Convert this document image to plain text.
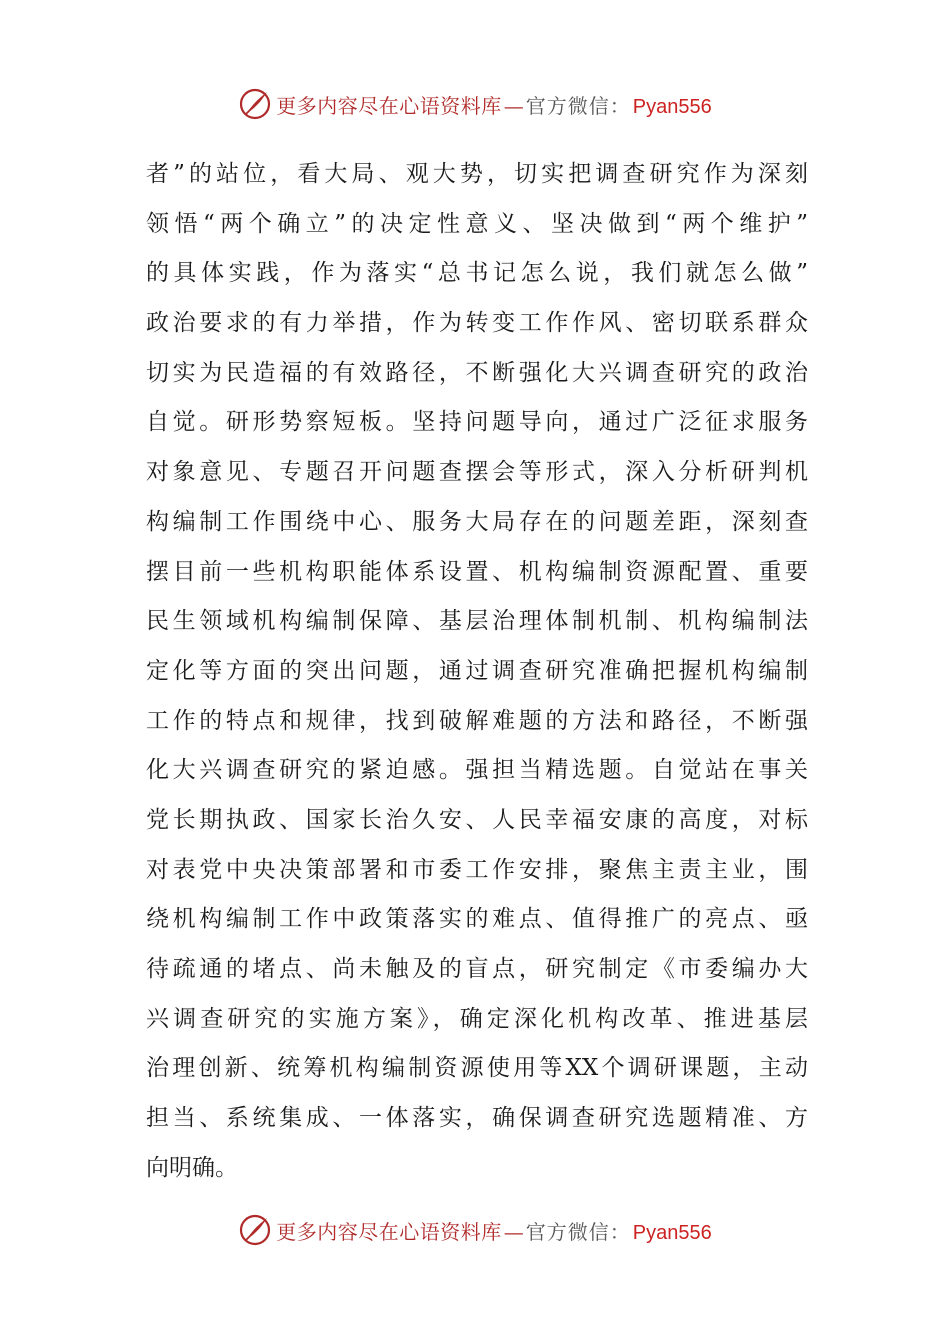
更多内容尽在心语资料库 — 官方微信： Pyan556
者”的站位，看大局、观大势，切实把调查研究作为深刻
领悟“两个确立”的决定性意义、坚决做到“两个维护”
的具体实践，作为落实“总书记怎么说，我们就怎么做”
政治要求的有力举措，作为转变工作作风、密切联系群众
切实为民造福的有效路径，不断强化大兴调查研究的政治
自觉。研形势察短板。坚持问题导向，通过广泛征求服务
对象意见、专题召开问题查摆会等形式，深入分析研判机
构编制工作围绕中心、服务大局存在的问题差距，深刻查
摆目前一些机构职能体系设置、机构编制资源配置、重要
民生领域机构编制保障、基层治理体制机制、机构编制法
定化等方面的突出问题，通过调查研究准确把握机构编制
工作的特点和规律，找到破解难题的方法和路径，不断强
化大兴调查研究的紧迫感。强担当精选题。自觉站在事关
党长期执政、国家长治久安、人民幸福安康的高度，对标
对表党中央决策部署和市委工作安排，聚焦主责主业，围
绕机构编制工作中政策落实的难点、值得推广的亮点、亟
待疏通的堵点、尚未触及的盲点，研究制定《市委编办大
兴调查研究的实施方案》，确定深化机构改革、推进基层
治理创新、统筹机构编制资源使用等XX个调研课题，主动
担当、系统集成、一体落实，确保调查研究选题精准、方
向明确。
更多内容尽在心语资料库 — 官方微信： Pyan556
